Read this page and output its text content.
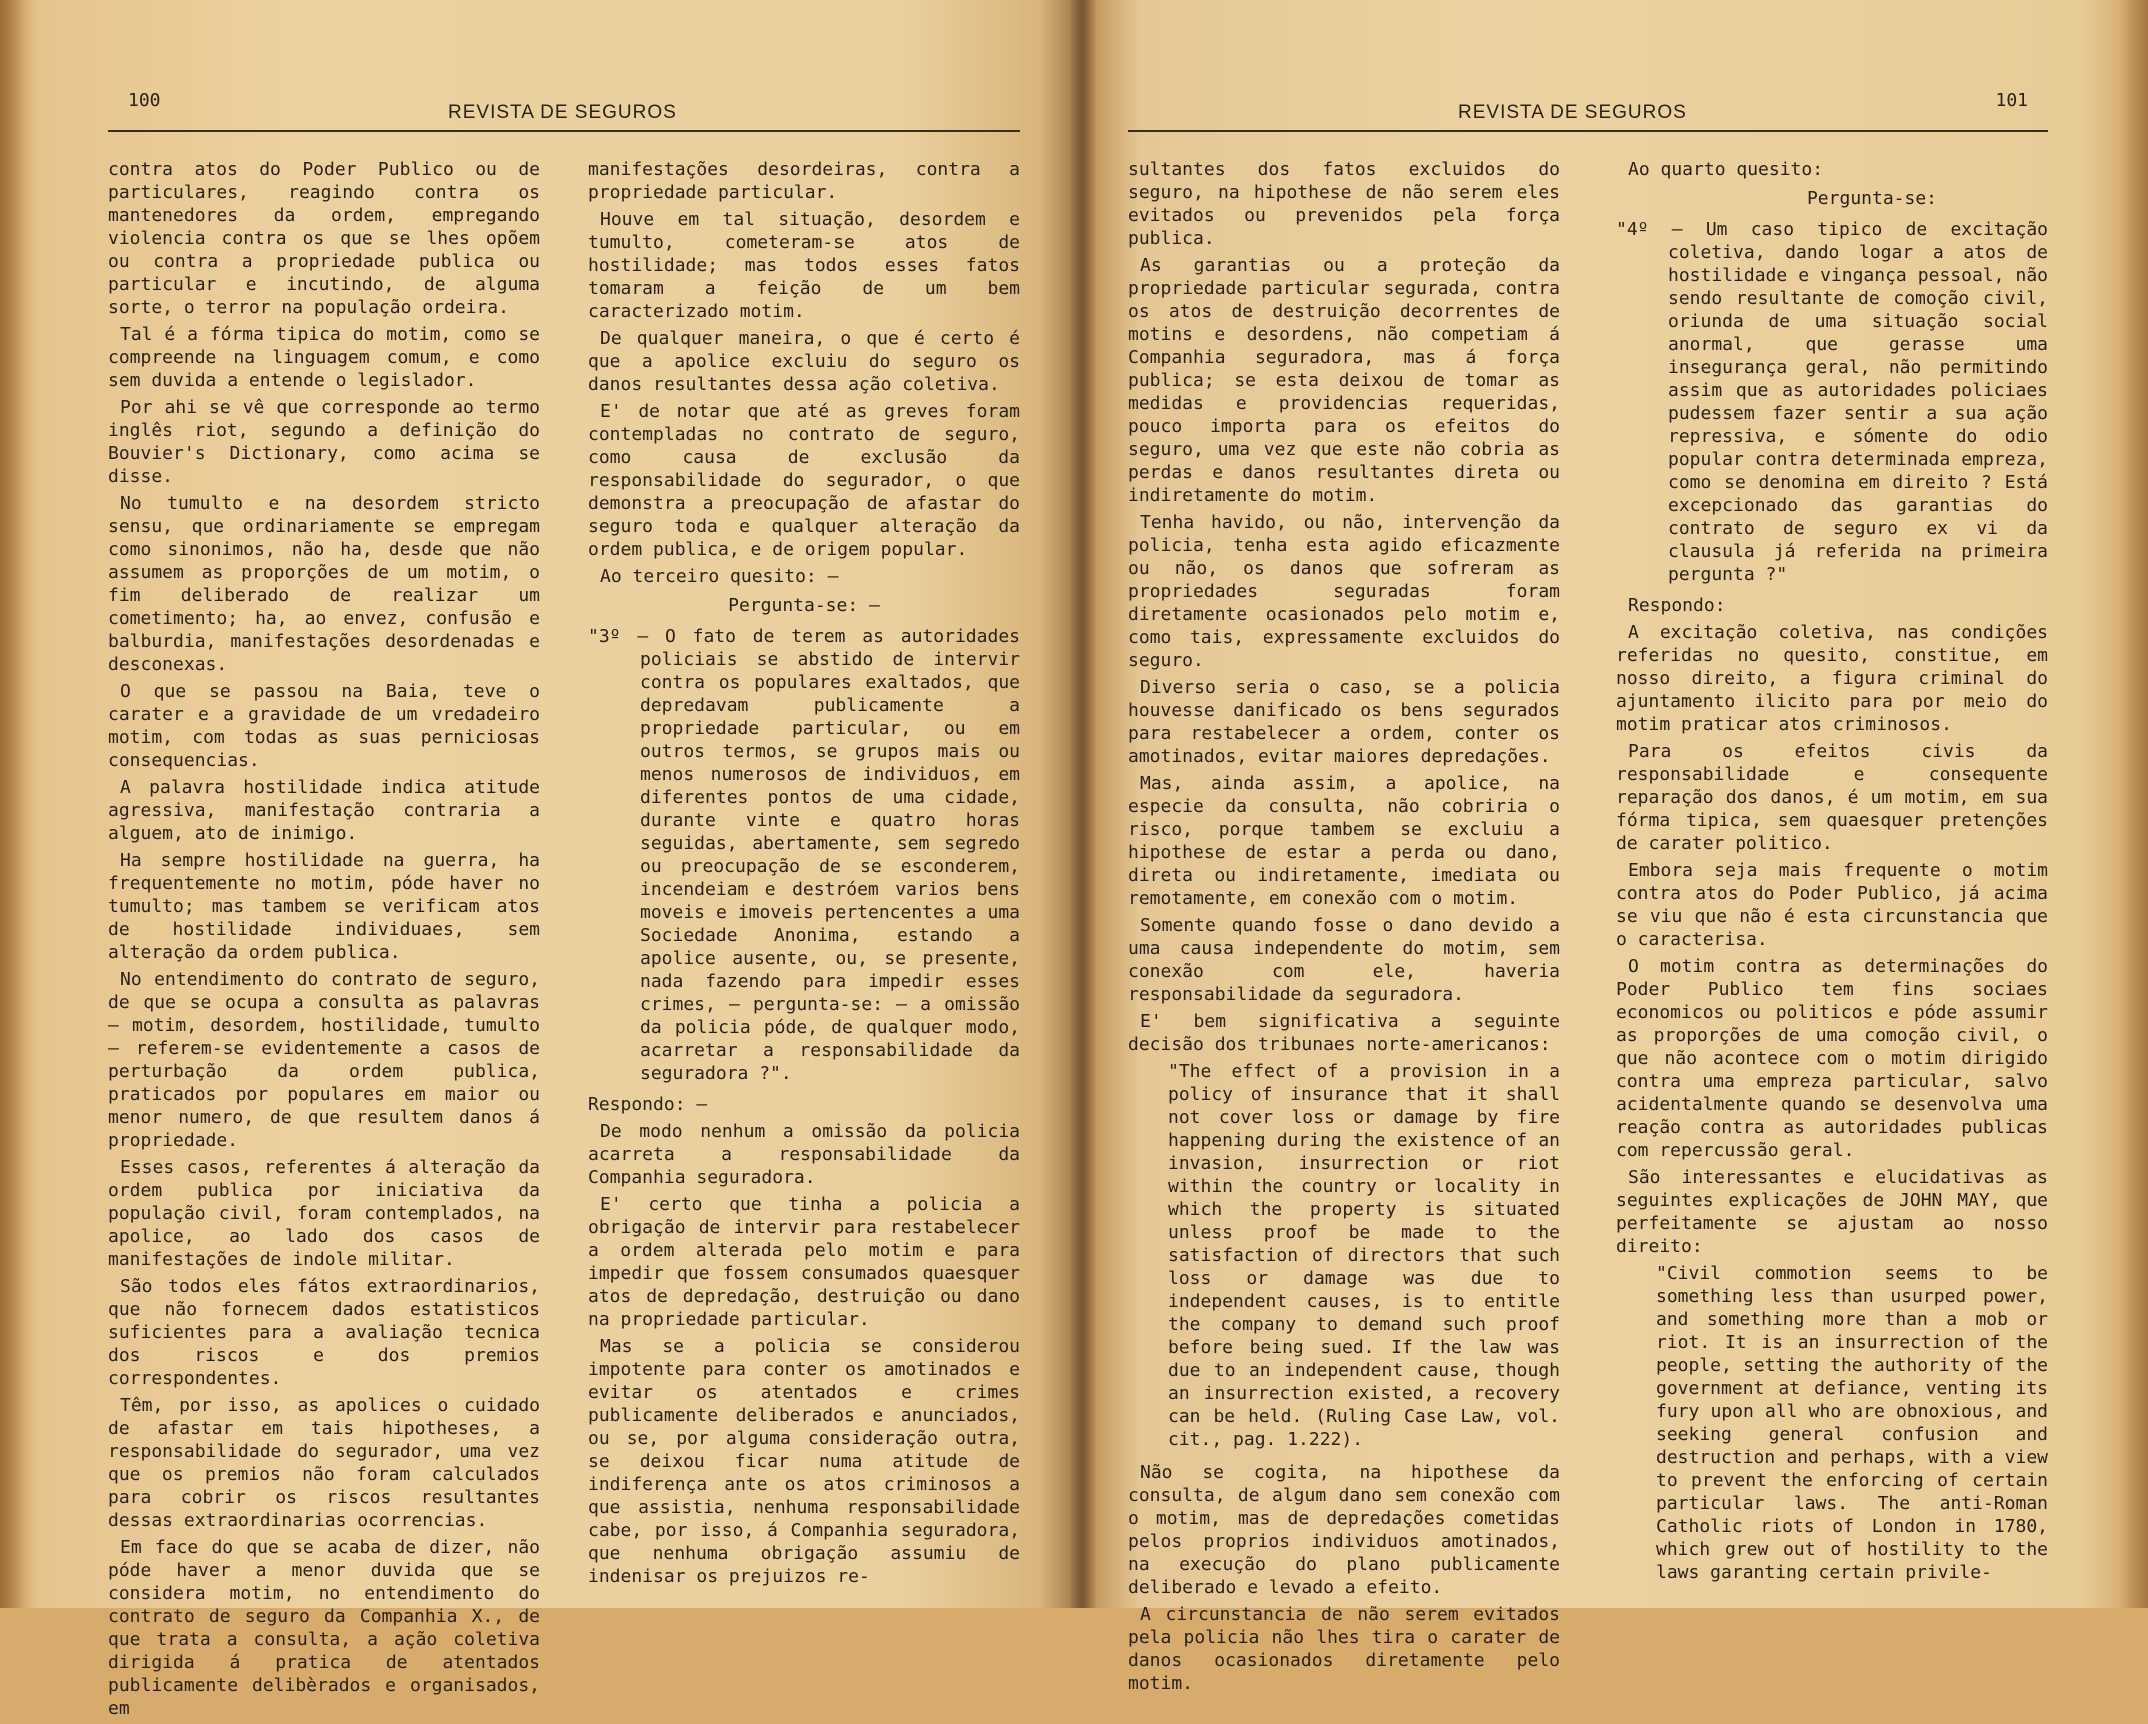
100
REVISTA DE SEGUROS

contra atos do Poder Publico ou de particulares, reagindo contra os mantenedores da ordem, empregando violencia contra os que se lhes opõem ou contra a propriedade publica ou particular e incutindo, de alguma sorte, o terror na população ordeira.

Tal é a fórma tipica do motim, como se compreende na linguagem comum, e como sem duvida a entende o legislador.

Por ahi se vê que corresponde ao termo inglês riot, segundo a definição do Bouvier's Dictionary, como acima se disse.

No tumulto e na desordem stricto sensu, que ordinariamente se empregam como sinonimos, não ha, desde que não assumem as proporções de um motim, o fim deliberado de realizar um cometimento; ha, ao envez, confusão e balburdia, manifestações desordenadas e desconexas.

O que se passou na Baia, teve o carater e a gravidade de um vredadeiro motim, com todas as suas perniciosas consequencias.

A palavra hostilidade indica atitude agressiva, manifestação contraria a alguem, ato de inimigo.

Ha sempre hostilidade na guerra, ha frequentemente no motim, póde haver no tumulto; mas tambem se verificam atos de hostilidade individuaes, sem alteração da ordem publica.

No entendimento do contrato de seguro, de que se ocupa a consulta as palavras — motim, desordem, hostilidade, tumulto — referem-se evidentemente a casos de perturbação da ordem publica, praticados por populares em maior ou menor numero, de que resultem danos á propriedade.

Esses casos, referentes á alteração da ordem publica por iniciativa da população civil, foram contemplados, na apolice, ao lado dos casos de manifestações de indole militar.

São todos eles fátos extraordinarios, que não fornecem dados estatisticos suficientes para a avaliação tecnica dos riscos e dos premios correspondentes.

Têm, por isso, as apolices o cuidado de afastar em tais hipotheses, a responsabilidade do segurador, uma vez que os premios não foram calculados para cobrir os riscos resultantes dessas extraordinarias ocorrencias.

Em face do que se acaba de dizer, não póde haver a menor duvida que se considera motim, no entendimento do contrato de seguro da Companhia X., de que trata a consulta, a ação coletiva dirigida á pratica de atentados publicamente delibèrados e organisados, em

manifestações desordeiras, contra a propriedade particular.

Houve em tal situação, desordem e tumulto, cometeram-se atos de hostilidade; mas todos esses fatos tomaram a feição de um bem caracterizado motim.

De qualquer maneira, o que é certo é que a apolice excluiu do seguro os danos resultantes dessa ação coletiva.

E' de notar que até as greves foram contempladas no contrato de seguro, como causa de exclusão da responsabilidade do segurador, o que demonstra a preocupação de afastar do seguro toda e qualquer alteração da ordem publica, e de origem popular.

Ao terceiro quesito: —

Pergunta-se: —

"3º — O fato de terem as autoridades policiais se abstido de intervir contra os populares exaltados, que depredavam publicamente a propriedade particular, ou em outros termos, se grupos mais ou menos numerosos de individuos, em diferentes pontos de uma cidade, durante vinte e quatro horas seguidas, abertamente, sem segredo ou preocupação de se esconderem, incendeiam e destróem varios bens moveis e imoveis pertencentes a uma Sociedade Anonima, estando a apolice ausente, ou, se presente, nada fazendo para impedir esses crimes, — pergunta-se: — a omissão da policia póde, de qualquer modo, acarretar a responsabilidade da seguradora ?".

Respondo: —

De modo nenhum a omissão da policia acarreta a responsabilidade da Companhia seguradora.

E' certo que tinha a policia a obrigação de intervir para restabelecer a ordem alterada pelo motim e para impedir que fossem consumados quaesquer atos de depredação, destruição ou dano na propriedade particular.

Mas se a policia se considerou impotente para conter os amotinados e evitar os atentados e crimes publicamente deliberados e anunciados, ou se, por alguma consideração outra, se deixou ficar numa atitude de indiferença ante os atos criminosos a que assistia, nenhuma responsabilidade cabe, por isso, á Companhia seguradora, que nenhuma obrigação assumiu de indenisar os prejuizos re-

REVISTA DE SEGUROS
101

sultantes dos fatos excluidos do seguro, na hipothese de não serem eles evitados ou prevenidos pela força publica.

As garantias ou a proteção da propriedade particular segurada, contra os atos de destruição decorrentes de motins e desordens, não competiam á Companhia seguradora, mas á força publica; se esta deixou de tomar as medidas e providencias requeridas, pouco importa para os efeitos do seguro, uma vez que este não cobria as perdas e danos resultantes direta ou indiretamente do motim.

Tenha havido, ou não, intervenção da policia, tenha esta agido eficazmente ou não, os danos que sofreram as propriedades seguradas foram diretamente ocasionados pelo motim e, como tais, expressamente excluidos do seguro.

Diverso seria o caso, se a policia houvesse danificado os bens segurados para restabelecer a ordem, conter os amotinados, evitar maiores depredações.

Mas, ainda assim, a apolice, na especie da consulta, não cobriria o risco, porque tambem se excluiu a hipothese de estar a perda ou dano, direta ou indiretamente, imediata ou remotamente, em conexão com o motim.

Somente quando fosse o dano devido a uma causa independente do motim, sem conexão com ele, haveria responsabilidade da seguradora.

E' bem significativa a seguinte decisão dos tribunaes norte-americanos:

"The effect of a provision in a policy of insurance that it shall not cover loss or damage by fire happening during the existence of an invasion, insurrection or riot within the country or locality in which the property is situated unless proof be made to the satisfaction of directors that such loss or damage was due to independent causes, is to entitle the company to demand such proof before being sued. If the law was due to an independent cause, though an insurrection existed, a recovery can be held. (Ruling Case Law, vol. cit., pag. 1.222).

Não se cogita, na hipothese da consulta, de algum dano sem conexão com o motim, mas de depredações cometidas pelos proprios individuos amotinados, na execução do plano publicamente deliberado e levado a efeito.

A circunstancia de não serem evitados pela policia não lhes tira o carater de danos ocasionados diretamente pelo motim.

Ao quarto quesito:

Pergunta-se:

"4º — Um caso tipico de excitação coletiva, dando logar a atos de hostilidade e vingança pessoal, não sendo resultante de comoção civil, oriunda de uma situação social anormal, que gerasse uma insegurança geral, não permitindo assim que as autoridades policiaes pudessem fazer sentir a sua ação repressiva, e sómente do odio popular contra determinada empreza, como se denomina em direito ? Está excepcionado das garantias do contrato de seguro ex vi da clausula já referida na primeira pergunta ?"

Respondo:

A excitação coletiva, nas condições referidas no quesito, constitue, em nosso direito, a figura criminal do ajuntamento ilicito para por meio do motim praticar atos criminosos.

Para os efeitos civis da responsabilidade e consequente reparação dos danos, é um motim, em sua fórma tipica, sem quaesquer pretenções de carater politico.

Embora seja mais frequente o motim contra atos do Poder Publico, já acima se viu que não é esta circunstancia que o caracterisa.

O motim contra as determinações do Poder Publico tem fins sociaes economicos ou politicos e póde assumir as proporções de uma comoção civil, o que não acontece com o motim dirigido contra uma empreza particular, salvo acidentalmente quando se desenvolva uma reação contra as autoridades publicas com repercussão geral.

São interessantes e elucidativas as seguintes explicações de JOHN MAY, que perfeitamente se ajustam ao nosso direito:

"Civil commotion seems to be something less than usurped power, and something more than a mob or riot. It is an insurrection of the people, setting the authority of the government at defiance, venting its fury upon all who are obnoxious, and seeking general confusion and destruction and perhaps, with a view to prevent the enforcing of certain particular laws. The anti-Roman Catholic riots of London in 1780, which grew out of hostility to the laws garanting certain privile-
